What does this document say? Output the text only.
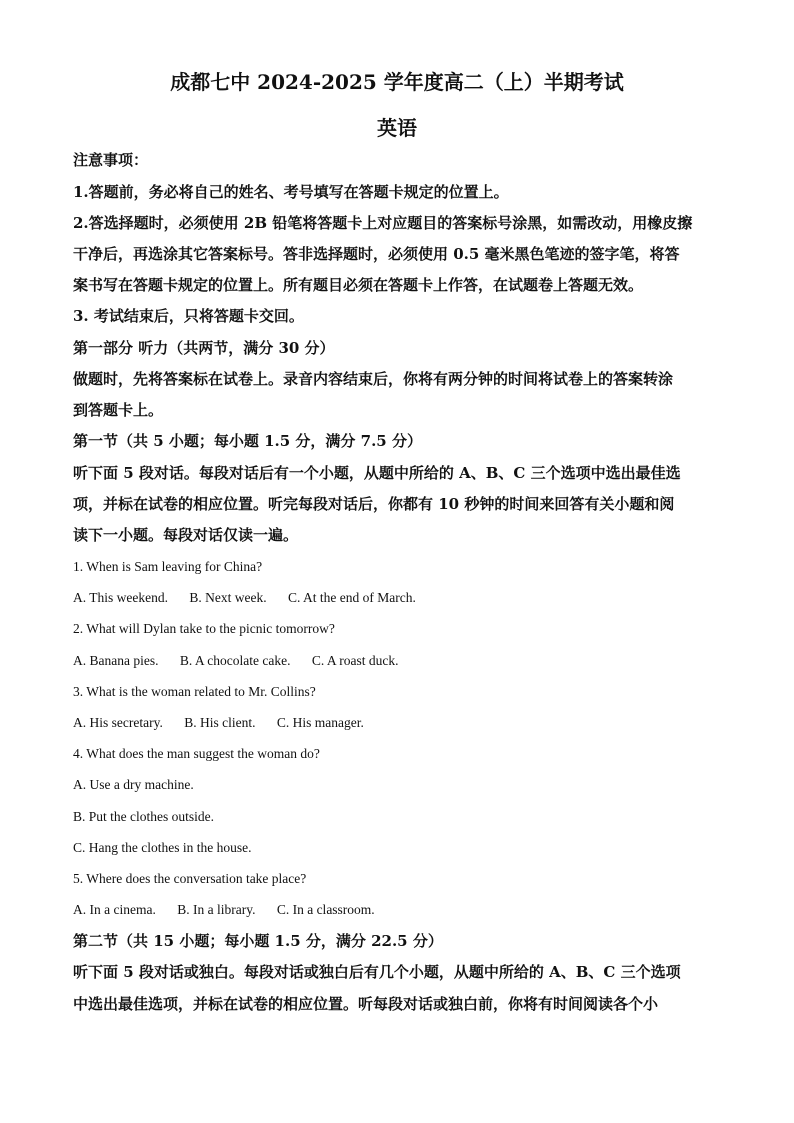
成都七中 2024-2025 学年度高二（上）半期考试
英语
注意事项：
1.答题前，务必将自己的姓名、考号填写在答题卡规定的位置上。
2.答选择题时，必须使用 2B 铅笔将答题卡上对应题目的答案标号涂黑，如需改动，用橡皮擦
干净后，再选涂其它答案标号。答非选择题时，必须使用 0.5 毫米黑色笔迹的签字笔，将答
案书写在答题卡规定的位置上。所有题目必须在答题卡上作答，在试题卷上答题无效。
3. 考试结束后，只将答题卡交回。
第一部分 听力（共两节，满分 30 分）
做题时，先将答案标在试卷上。录音内容结束后，你将有两分钟的时间将试卷上的答案转涂
到答题卡上。
第一节（共 5 小题；每小题 1.5 分，满分 7.5 分）
听下面 5 段对话。每段对话后有一个小题，从题中所给的 A、B、C 三个选项中选出最佳选
项，并标在试卷的相应位置。听完每段对话后，你都有 10 秒钟的时间来回答有关小题和阅
读下一小题。每段对话仅读一遍。
1. When is Sam leaving for China?
A. This weekend. B. Next week. C. At the end of March.
2. What will Dylan take to the picnic tomorrow?
A. Banana pies. B. A chocolate cake. C. A roast duck.
3. What is the woman related to Mr. Collins?
A. His secretary. B. His client. C. His manager.
4. What does the man suggest the woman do?
A. Use a dry machine.
B. Put the clothes outside.
C. Hang the clothes in the house.
5. Where does the conversation take place?
A. In a cinema. B. In a library. C. In a classroom.
第二节（共 15 小题；每小题 1.5 分，满分 22.5 分）
听下面 5 段对话或独白。每段对话或独白后有几个小题，从题中所给的 A、B、C 三个选项
中选出最佳选项，并标在试卷的相应位置。听每段对话或独白前，你将有时间阅读各个小
